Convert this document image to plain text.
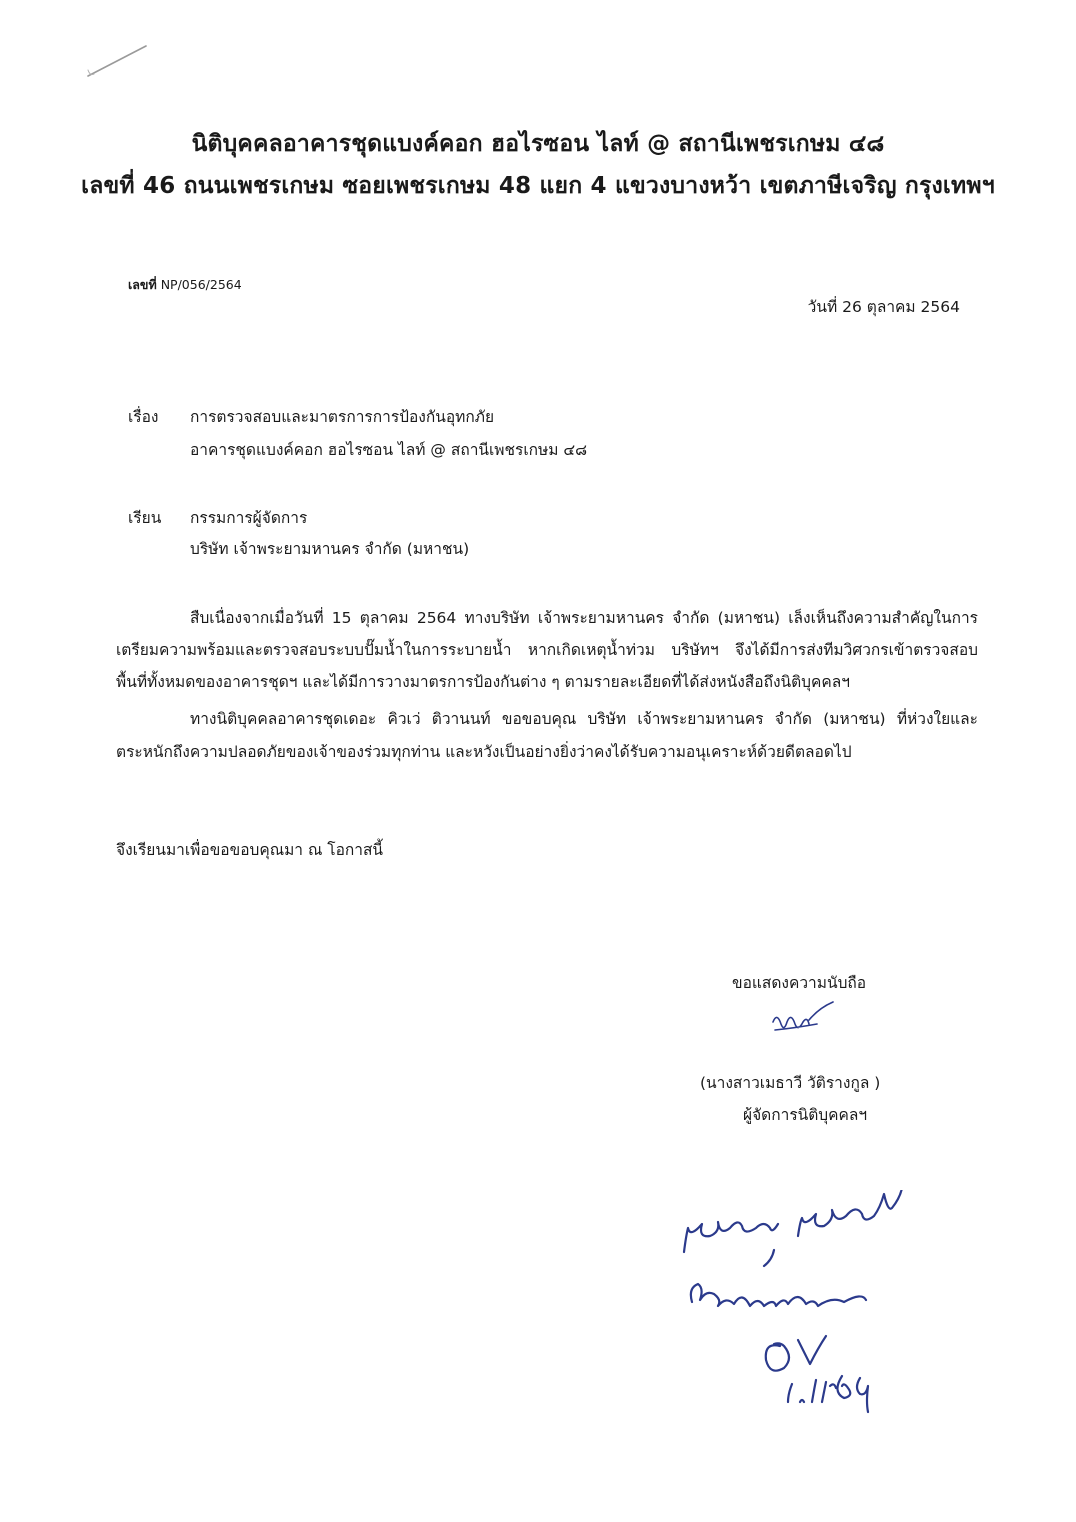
นิติบุคคลอาคารชุดแบงค์คอก ฮอไรซอน ไลท์ @ สถานีเพชรเกษม ๔๘
เลขที่ 46 ถนนเพชรเกษม ซอยเพชรเกษม 48 แยก 4 แขวงบางหว้า เขตภาษีเจริญ กรุงเทพฯ
เลขที่ NP/056/2564
วันที่ 26 ตุลาคม 2564
เรื่อง การตรวจสอบและมาตรการการป้องกันอุทกภัย
อาคารชุดแบงค์คอก ฮอไรซอน ไลท์ @ สถานีเพชรเกษม ๔๘
เรียน กรรมการผู้จัดการ
บริษัท เจ้าพระยามหานคร จำกัด (มหาชน)
สืบเนื่องจากเมื่อวันที่ 15 ตุลาคม 2564 ทางบริษัท เจ้าพระยามหานคร จำกัด (มหาชน) เล็งเห็นถึงความสำคัญในการ
เตรียมความพร้อมและตรวจสอบระบบปั๊มน้ำในการระบายน้ำ หากเกิดเหตุน้ำท่วม บริษัทฯ จึงได้มีการส่งทีมวิศวกรเข้าตรวจสอบ
พื้นที่ทั้งหมดของอาคารชุดฯ และได้มีการวางมาตรการป้องกันต่าง ๆ ตามรายละเอียดที่ได้ส่งหนังสือถึงนิติบุคคลฯ
ทางนิติบุคคลอาคารชุดเดอะ คิวเว่ ติวานนท์ ขอขอบคุณ บริษัท เจ้าพระยามหานคร จำกัด (มหาชน) ที่ห่วงใยและ
ตระหนักถึงความปลอดภัยของเจ้าของร่วมทุกท่าน และหวังเป็นอย่างยิ่งว่าคงได้รับความอนุเคราะห์ด้วยดีตลอดไป
จึงเรียนมาเพื่อขอขอบคุณมา ณ โอกาสนี้
ขอแสดงความนับถือ
(นางสาวเมธาวี วัติรางกูล )
ผู้จัดการนิติบุคคลฯ
